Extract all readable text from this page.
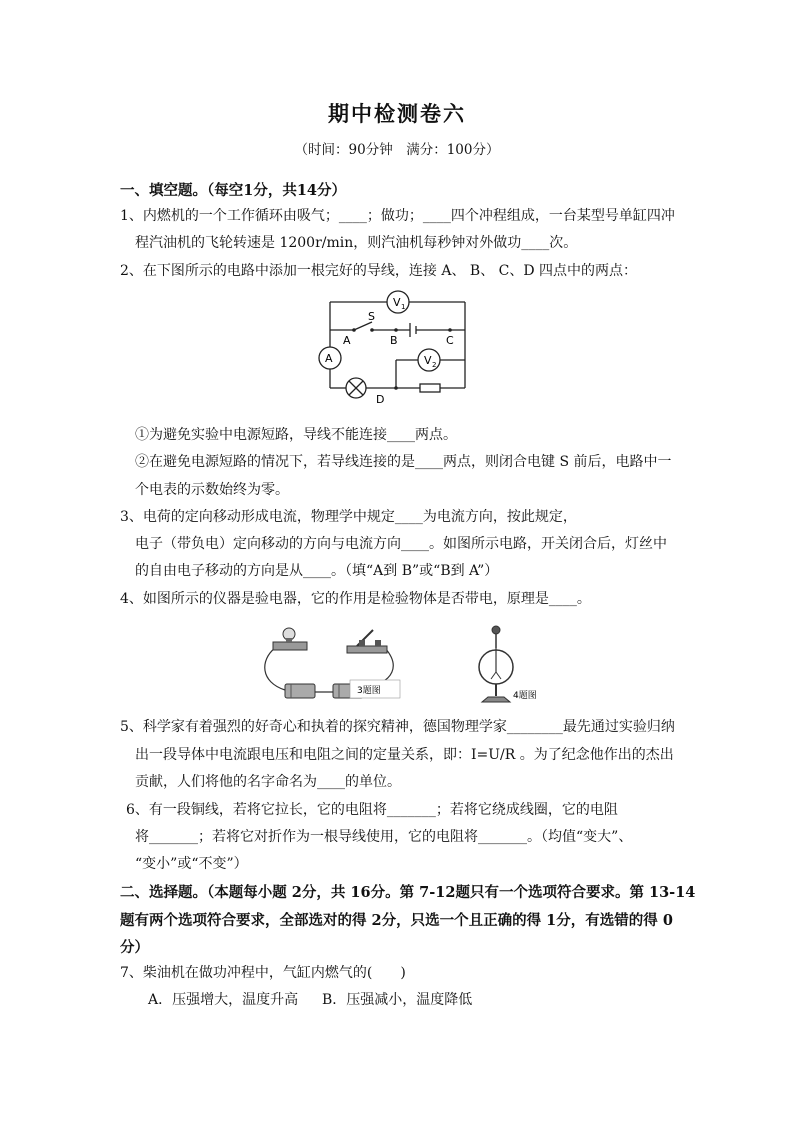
期中检测卷六
（时间：90分钟　满分：100分）
一、填空题。（每空1分，共14分）
1、内燃机的一个工作循环由吸气；____；做功；____四个冲程组成，一台某型号单缸四冲
程汽油机的飞轮转速是 1200r/min，则汽油机每秒钟对外做功____次。
2、在下图所示的电路中添加一根完好的导线，连接 A、 B、 C、D 四点中的两点：
V 1
V 2
A
S
A	B	C
D
①为避免实验中电源短路，导线不能连接____两点。
②在避免电源短路的情况下，若导线连接的是____两点，则闭合电键 S 前后，电路中一
个电表的示数始终为零。
3、电荷的定向移动形成电流，物理学中规定____为电流方向，按此规定，
电子（带负电）定向移动的方向与电流方向____。如图所示电路，开关闭合后，灯丝中
的自由电子移动的方向是从____。（填“A到 B”或“B到 A”）
4、如图所示的仪器是验电器，它的作用是检验物体是否带电，原理是____。
3题图	4题图
5、科学家有着强烈的好奇心和执着的探究精神，德国物理学家________最先通过实验归纳
出一段导体中电流跟电压和电阻之间的定量关系，即：I=U/R 。为了纪念他作出的杰出
贡献，人们将他的名字命名为____的单位。
6、有一段铜线，若将它拉长，它的电阻将_______；若将它绕成线圈，它的电阻
将_______；若将它对折作为一根导线使用，它的电阻将_______。（均值“变大”、
“变小”或“不变”）
二、选择题。（本题每小题 2分，共 16分。第 7-12题只有一个选项符合要求。第 13-14
题有两个选项符合要求，全部选对的得 2分，只选一个且正确的得 1分，有选错的得 0
分）
7、柴油机在做功冲程中，气缸内燃气的(　　)
A．压强增大，温度升高 B．压强减小，温度降低
